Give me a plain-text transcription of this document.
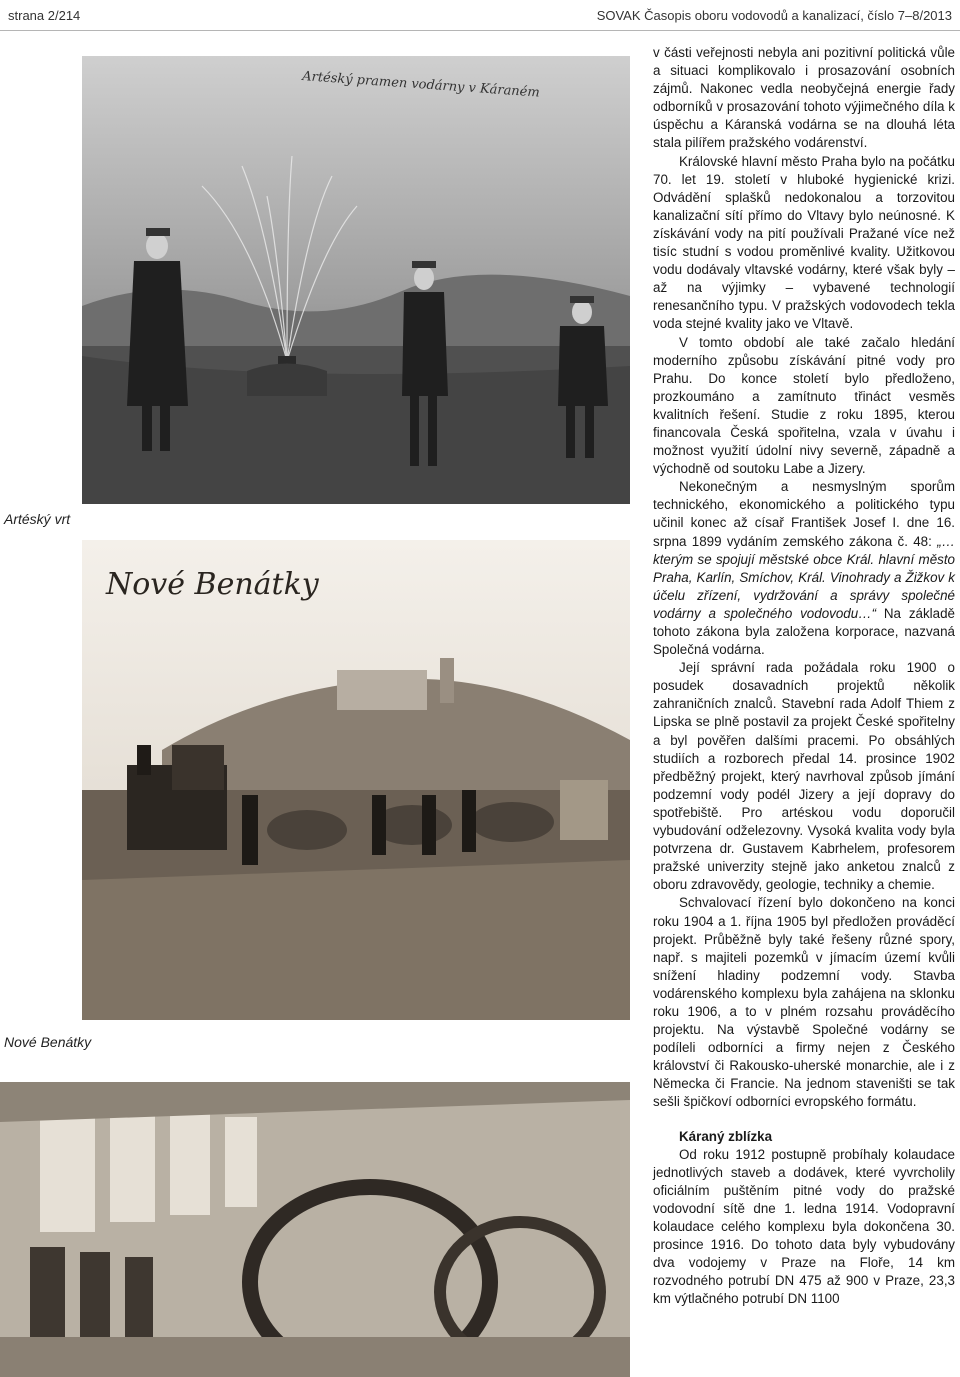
strana 2/214	SOVAK Časopis oboru vodovodů a kanalizací, číslo 7–8/2013
Artéský pramen vodárny v Káraném
Artéský vrt
Nové Benátky
Nové Benátky

v části veřejnosti nebyla ani pozitivní politická vůle a situaci komplikovalo i prosazování osobních zájmů. Nakonec vedla neobyčejná energie řady odborníků v prosazování tohoto výjimečného díla k úspěchu a Káranská vodárna se na dlouhá léta stala pilířem pražského vodárenství.

Královské hlavní město Praha bylo na počátku 70. let 19. století v hluboké hygienické krizi. Odvádění splašků nedokonalou a torzovitou kanalizační sítí přímo do Vltavy bylo neúnosné. K získávání vody na pití používali Pražané více než tisíc studní s vodou proměnlivé kvality. Užitkovou vodu dodávaly vltavské vodárny, které však byly – až na výjimky – vybavené technologií renesančního typu. V pražských vodovodech tekla voda stejné kvality jako ve Vltavě.

V tomto období ale také začalo hledání moderního způsobu získávání pitné vody pro Prahu. Do konce století bylo předloženo, prozkoumáno a zamítnuto třináct vesměs kvalitních řešení. Studie z roku 1895, kterou financovala Česká spořitelna, vzala v úvahu i možnost využití údolní nivy severně, západně a východně od soutoku Labe a Jizery.

Nekonečným a nesmyslným sporům technického, ekonomického a politického typu učinil konec až císař František Josef I. dne 16. srpna 1899 vydáním zemského zákona č. 48: „…kterým se spojují městské obce Král. hlavní město Praha, Karlín, Smíchov, Král. Vinohrady a Žižkov k účelu zřízení, vydržování a správy společné vodárny a společného vodovodu…“ Na základě tohoto zákona byla založena korporace, nazvaná Společná vodárna.

Její správní rada požádala roku 1900 o posudek dosavadních projektů několik zahraničních znalců. Stavební rada Adolf Thiem z Lipska se plně postavil za projekt České spořitelny a byl pověřen dalšími pracemi. Po obsáhlých studiích a rozborech předal 14. prosince 1902 předběžný projekt, který navrhoval způsob jímání podzemní vody podél Jizery a její dopravy do spotřebiště. Pro artéskou vodu doporučil vybudování odželezovny. Vysoká kvalita vody byla potvrzena dr. Gustavem Kabrhelem, profesorem pražské univerzity stejně jako anketou znalců z oboru zdravovědy, geologie, techniky a chemie.

Schvalovací řízení bylo dokončeno na konci roku 1904 a 1. října 1905 byl předložen prováděcí projekt. Průběžně byly také řešeny různé spory, např. s majiteli pozemků v jímacím území kvůli snížení hladiny podzemní vody. Stavba vodárenského komplexu byla zahájena na sklonku roku 1906, a to v plném rozsahu prováděcího projektu. Na výstavbě Společné vodárny se podíleli odborníci a firmy nejen z Českého království či Rakousko-uherské monarchie, ale i z Německa či Francie. Na jednom staveništi se tak sešli špičkoví odborníci evropského formátu.

Káraný zblízka

Od roku 1912 postupně probíhaly kolaudace jednotlivých staveb a dodávek, které vyvrcholily oficiálním puštěním pitné vody do pražské vodovodní sítě dne 1. ledna 1914. Vodopravní kolaudace celého komplexu byla dokončena 30. prosince 1916. Do tohoto data byly vybudovány dva vodojemy v Praze na Floře, 14 km rozvodného potrubí DN 475 až 900 v Praze, 23,3 km výtlačného potrubí DN 1100
